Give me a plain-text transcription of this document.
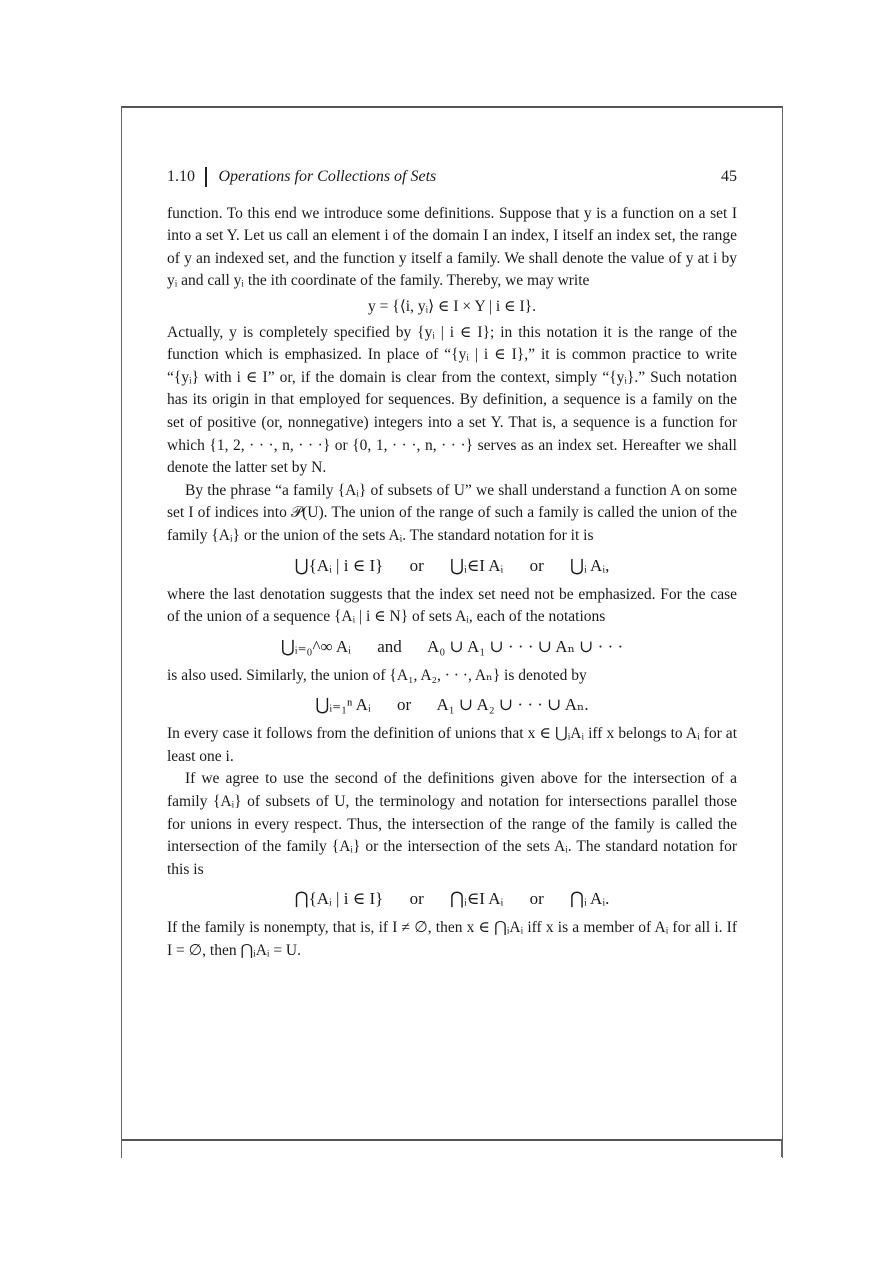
1.10 Operations for Collections of Sets	45

function. To this end we introduce some definitions. Suppose that y is a function on a set I into a set Y. Let us call an element i of the domain I an index, I itself an index set, the range of y an indexed set, and the function y itself a family. We shall denote the value of y at i by yᵢ and call yᵢ the ith coordinate of the family. Thereby, we may write

y = {⟨i, yᵢ⟩ ∈ I × Y | i ∈ I}.

Actually, y is completely specified by {yᵢ | i ∈ I}; in this notation it is the range of the function which is emphasized. In place of “{yᵢ | i ∈ I},” it is common practice to write “{yᵢ} with i ∈ I” or, if the domain is clear from the context, simply “{yᵢ}.” Such notation has its origin in that employed for sequences. By definition, a sequence is a family on the set of positive (or, nonnegative) integers into a set Y. That is, a sequence is a function for which {1, 2, · · ·, n, · · ·} or {0, 1, · · ·, n, · · ·} serves as an index set. Hereafter we shall denote the latter set by N.

By the phrase “a family {Aᵢ} of subsets of U” we shall understand a function A on some set I of indices into 𝒫(U). The union of the range of such a family is called the union of the family {Aᵢ} or the union of the sets Aᵢ. The standard notation for it is

⋃{Aᵢ | i ∈ I} or ⋃ᵢ∈I Aᵢ or ⋃ᵢ Aᵢ,

where the last denotation suggests that the index set need not be emphasized. For the case of the union of a sequence {Aᵢ | i ∈ N} of sets Aᵢ, each of the notations

⋃ᵢ₌₀^∞ Aᵢ and A₀ ∪ A₁ ∪ · · · ∪ Aₙ ∪ · · ·

is also used. Similarly, the union of {A₁, A₂, · · ·, Aₙ} is denoted by

⋃ᵢ₌₁ⁿ Aᵢ or A₁ ∪ A₂ ∪ · · · ∪ Aₙ.

In every case it follows from the definition of unions that x ∈ ⋃ᵢAᵢ iff x belongs to Aᵢ for at least one i.

If we agree to use the second of the definitions given above for the intersection of a family {Aᵢ} of subsets of U, the terminology and notation for intersections parallel those for unions in every respect. Thus, the intersection of the range of the family is called the intersection of the family {Aᵢ} or the intersection of the sets Aᵢ. The standard notation for this is

⋂{Aᵢ | i ∈ I} or ⋂ᵢ∈I Aᵢ or ⋂ᵢ Aᵢ.

If the family is nonempty, that is, if I ≠ ∅, then x ∈ ⋂ᵢAᵢ iff x is a member of Aᵢ for all i. If I = ∅, then ⋂ᵢAᵢ = U.
